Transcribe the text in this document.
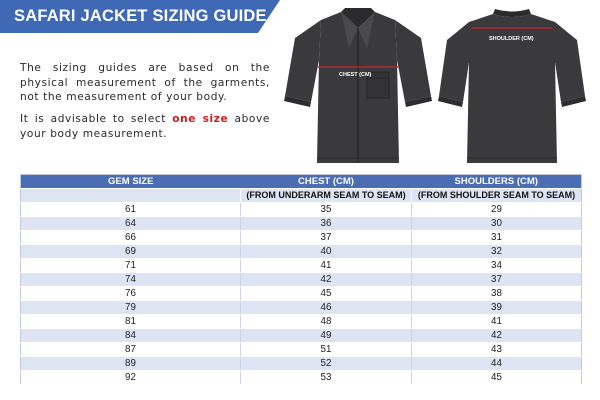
SAFARI JACKET SIZING GUIDE
The sizing guides are based on the physical measurement of the garments, not the measurement of your body.
It is advisable to select one size above your body measurement.
CHEST (CM)
SHOULDER (CM)
GEM SIZE	CHEST (CM)	SHOULDERS (CM)
	(FROM UNDERARM SEAM TO SEAM)	(FROM SHOULDER SEAM TO SEAM)
61	35	29
64	36	30
66	37	31
69	40	32
71	41	34
74	42	37
76	45	38
79	46	39
81	48	41
84	49	42
87	51	43
89	52	44
92	53	45
